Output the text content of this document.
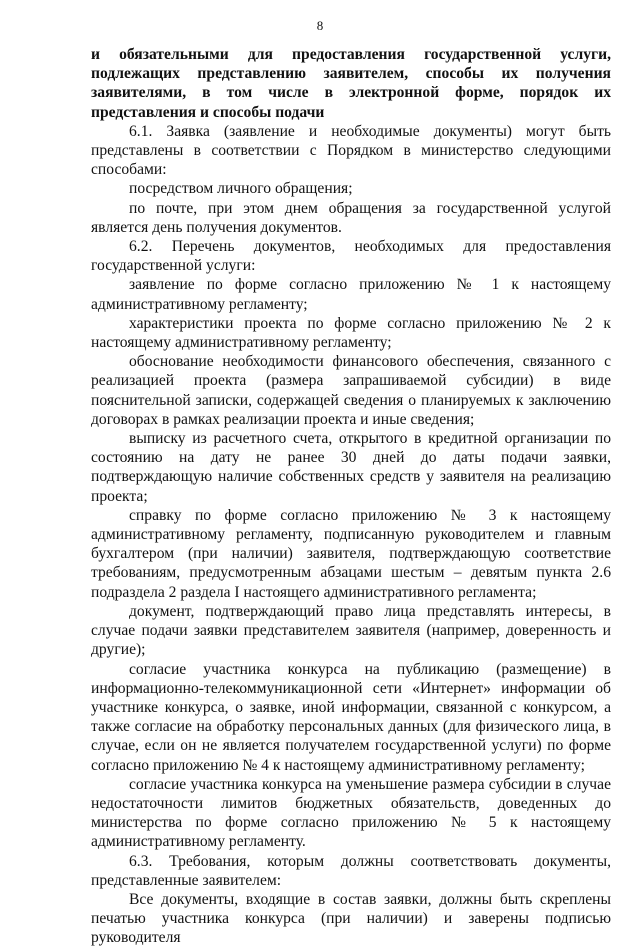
8

и обязательными для предоставления государственной услуги, подлежащих представлению заявителем, способы их получения заявителями, в том числе в электронной форме, порядок их представления и способы подачи

6.1. Заявка (заявление и необходимые документы) могут быть представлены в соответствии с Порядком в министерство следующими способами:

посредством личного обращения;

по почте, при этом днем обращения за государственной услугой является день получения документов.

6.2. Перечень документов, необходимых для предоставления государственной услуги:

заявление по форме согласно приложению № 1 к настоящему административному регламенту;

характеристики проекта по форме согласно приложению № 2 к настоящему административному регламенту;

обоснование необходимости финансового обеспечения, связанного с реализацией проекта (размера запрашиваемой субсидии) в виде пояснительной записки, содержащей сведения о планируемых к заключению договорах в рамках реализации проекта и иные сведения;

выписку из расчетного счета, открытого в кредитной организации по состоянию на дату не ранее 30 дней до даты подачи заявки, подтверждающую наличие собственных средств у заявителя на реализацию проекта;

справку по форме согласно приложению № 3 к настоящему административному регламенту, подписанную руководителем и главным бухгалтером (при наличии) заявителя, подтверждающую соответствие требованиям, предусмотренным абзацами шестым – девятым пункта 2.6 подраздела 2 раздела I настоящего административного регламента;

документ, подтверждающий право лица представлять интересы, в случае подачи заявки представителем заявителя (например, доверенность и другие);

согласие участника конкурса на публикацию (размещение) в информационно-телекоммуникационной сети «Интернет» информации об участнике конкурса, о заявке, иной информации, связанной с конкурсом, а также согласие на обработку персональных данных (для физического лица, в случае, если он не является получателем государственной услуги) по форме согласно приложению № 4 к настоящему административному регламенту;

согласие участника конкурса на уменьшение размера субсидии в случае недостаточности лимитов бюджетных обязательств, доведенных до министерства по форме согласно приложению № 5 к настоящему административному регламенту.

6.3. Требования, которым должны соответствовать документы, представленные заявителем:

Все документы, входящие в состав заявки, должны быть скреплены печатью участника конкурса (при наличии) и заверены подписью руководителя
